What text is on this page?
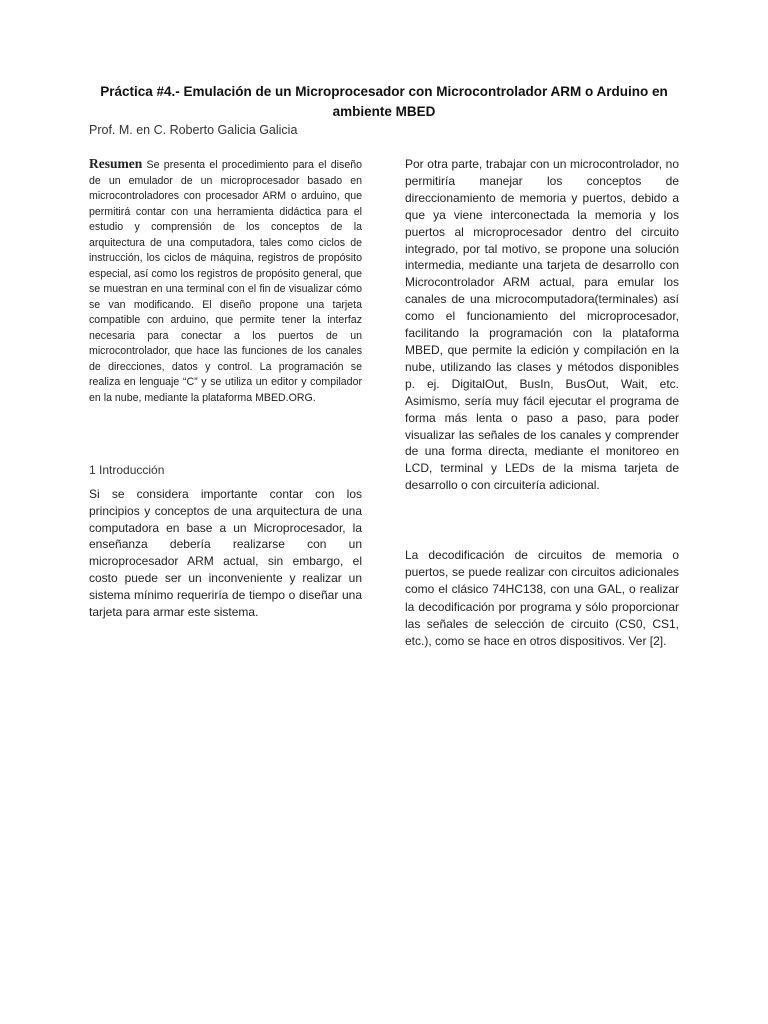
Práctica #4.- Emulación de un Microprocesador con Microcontrolador ARM o Arduino en ambiente MBED
Prof. M. en C. Roberto Galicia Galicia

Resumen Se presenta el procedimiento para el diseño de un emulador de un microprocesador basado en microcontroladores con procesador ARM o arduino, que permitirá contar con una herramienta didáctica para el estudio y comprensión de los conceptos de la arquitectura de una computadora, tales como ciclos de instrucción, los ciclos de máquina, registros de propósito especial, así como los registros de propósito general, que se muestran en una terminal con el fin de visualizar cómo se van modificando. El diseño propone una tarjeta compatible con arduino, que permite tener la interfaz necesaria para conectar a los puertos de un microcontrolador, que hace las funciones de los canales de direcciones, datos y control. La programación se realiza en lenguaje “C” y se utiliza un editor y compilador en la nube, mediante la plataforma MBED.ORG.

1 Introducción

Si se considera importante contar con los principios y conceptos de una arquitectura de una computadora en base a un Microprocesador, la enseñanza debería realizarse con un microprocesador ARM actual, sin embargo, el costo puede ser un inconveniente y realizar un sistema mínimo requeriría de tiempo o diseñar una tarjeta para armar este sistema.

Por otra parte, trabajar con un microcontrolador, no permitiría manejar los conceptos de direccionamiento de memoria y puertos, debido a que ya viene interconectada la memoria y los puertos al microprocesador dentro del circuito integrado, por tal motivo, se propone una solución intermedia, mediante una tarjeta de desarrollo con Microcontrolador ARM actual, para emular los canales de una microcomputadora(terminales) así como el funcionamiento del microprocesador, facilitando la programación con la plataforma MBED, que permite la edición y compilación en la nube, utilizando las clases y métodos disponibles p. ej. DigitalOut, BusIn, BusOut, Wait, etc. Asimismo, sería muy fácil ejecutar el programa de forma más lenta o paso a paso, para poder visualizar las señales de los canales y comprender de una forma directa, mediante el monitoreo en LCD, terminal y LEDs de la misma tarjeta de desarrollo o con circuitería adicional.

La decodificación de circuitos de memoria o puertos, se puede realizar con circuitos adicionales como el clásico 74HC138, con una GAL, o realizar la decodificación por programa y sólo proporcionar las señales de selección de circuito (CS0, CS1, etc.), como se hace en otros dispositivos. Ver [2].
